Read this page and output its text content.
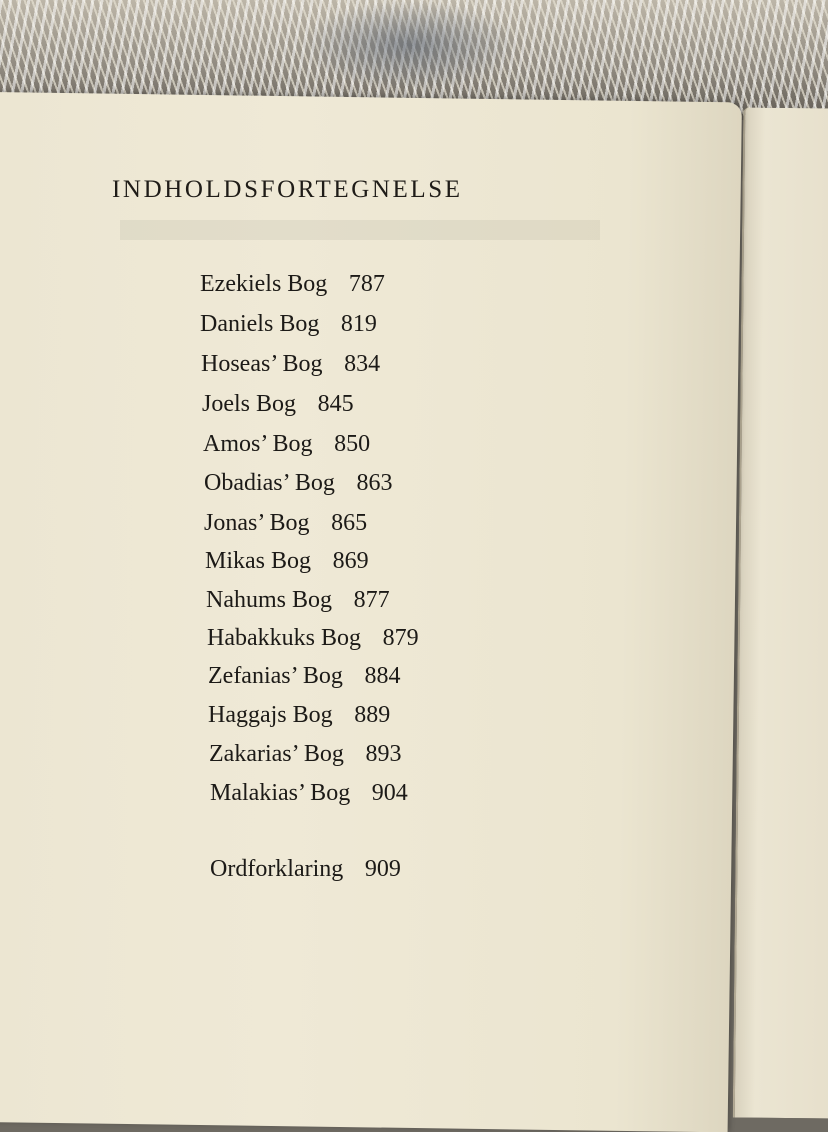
INDHOLDSFORTEGNELSE
Ezekiels Bog 787
Daniels Bog 819
Hoseas’ Bog 834
Joels Bog 845
Amos’ Bog 850
Obadias’ Bog 863
Jonas’ Bog 865
Mikas Bog 869
Nahums Bog 877
Habakkuks Bog 879
Zefanias’ Bog 884
Haggajs Bog 889
Zakarias’ Bog 893
Malakias’ Bog 904
Ordforklaring 909
